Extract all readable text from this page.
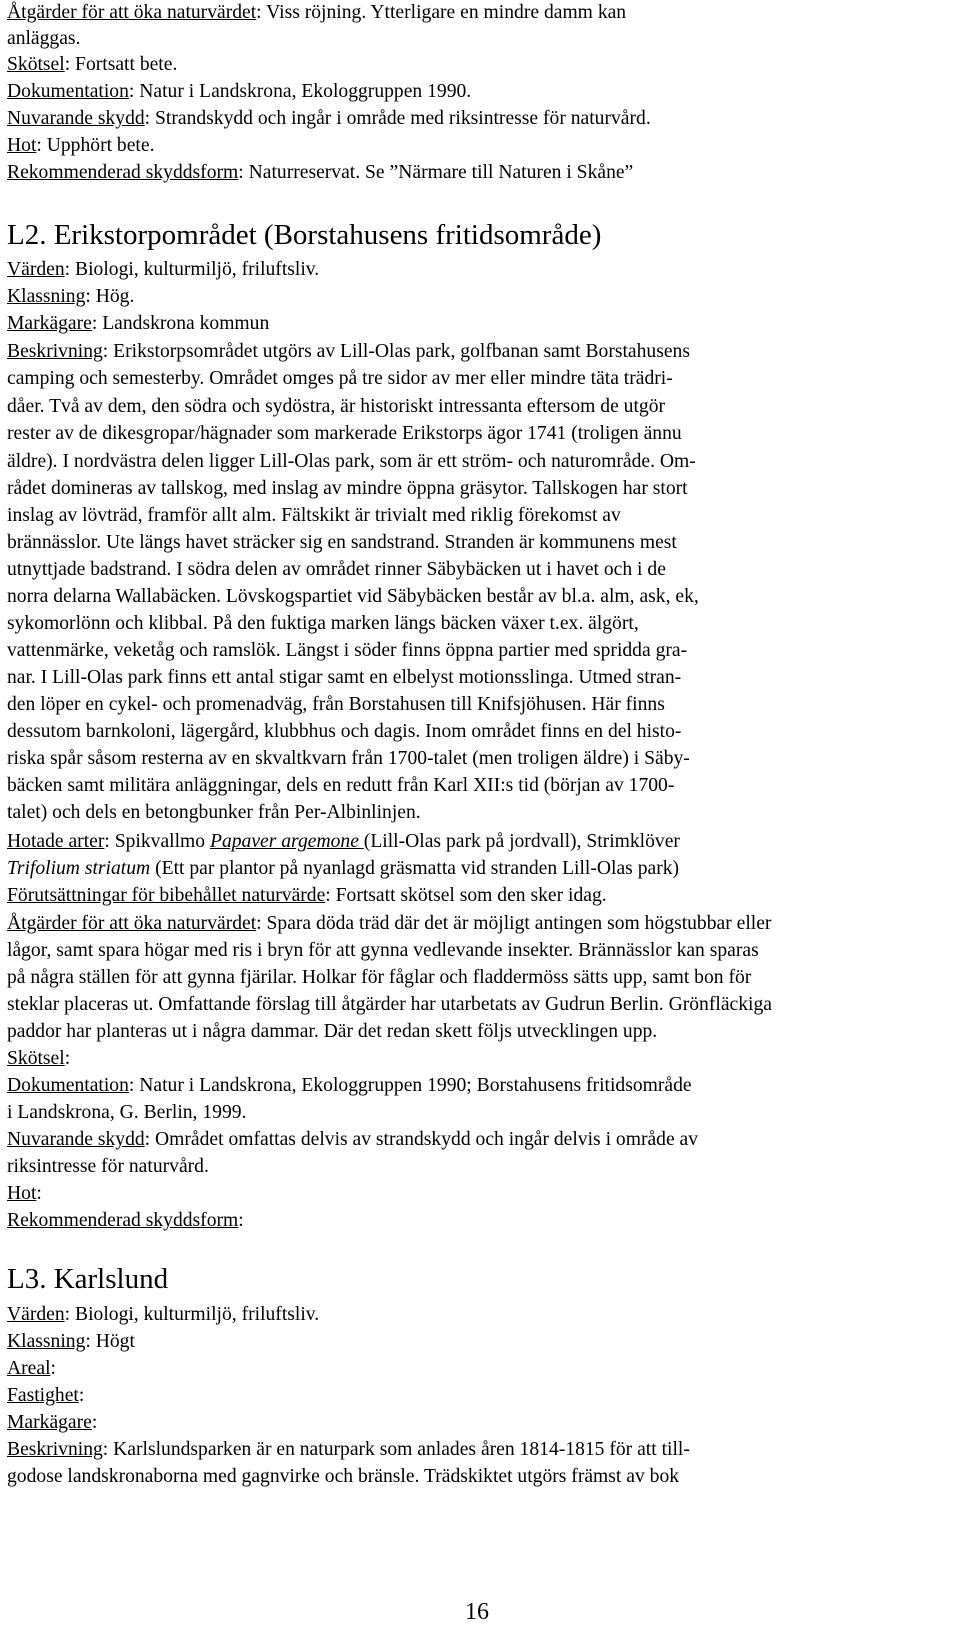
Åtgärder för att öka naturvärdet: Viss röjning. Ytterligare en mindre damm kan
anläggas.
Skötsel: Fortsatt bete.
Dokumentation: Natur i Landskrona, Ekologgruppen 1990.
Nuvarande skydd: Strandskydd och ingår i område med riksintresse för naturvård.
Hot: Upphört bete.
Rekommenderad skyddsform: Naturreservat. Se ”Närmare till Naturen i Skåne”
L2. Erikstorpområdet (Borstahusens fritidsområde)
Värden: Biologi, kulturmiljö, friluftsliv.
Klassning: Hög.
Markägare: Landskrona kommun
Beskrivning: Erikstorpsområdet utgörs av Lill-Olas park, golfbanan samt Borstahusens
camping och semesterby. Området omges på tre sidor av mer eller mindre täta trädri-
dåer. Två av dem, den södra och sydöstra, är historiskt intressanta eftersom de utgör
rester av de dikesgropar/hägnader som markerade Erikstorps ägor 1741 (troligen ännu
äldre). I nordvästra delen ligger Lill-Olas park, som är ett ström- och naturområde. Om-
rådet domineras av tallskog, med inslag av mindre öppna gräsytor. Tallskogen har stort
inslag av lövträd, framför allt alm. Fältskikt är trivialt med riklig förekomst av
brännässlor. Ute längs havet sträcker sig en sandstrand. Stranden är kommunens mest
utnyttjade badstrand. I södra delen av området rinner Säbybäcken ut i havet och i de
norra delarna Wallabäcken. Lövskogspartiet vid Säbybäcken består av bl.a. alm, ask, ek,
sykomorlönn och klibbal. På den fuktiga marken längs bäcken växer t.ex. älgört,
vattenmärke, veketåg och ramslök. Längst i söder finns öppna partier med spridda gra-
nar. I Lill-Olas park finns ett antal stigar samt en elbelyst motionsslinga. Utmed stran-
den löper en cykel- och promenadväg, från Borstahusen till Knifsjöhusen. Här finns
dessutom barnkoloni, lägergård, klubbhus och dagis. Inom området finns en del histo-
riska spår såsom resterna av en skvaltkvarn från 1700-talet (men troligen äldre) i Säby-
bäcken samt militära anläggningar, dels en redutt från Karl XII:s tid (början av 1700-
talet) och dels en betongbunker från Per-Albinlinjen.
Hotade arter: Spikvallmo Papaver argemone (Lill-Olas park på jordvall), Strimklöver
Trifolium striatum (Ett par plantor på nyanlagd gräsmatta vid stranden Lill-Olas park)
Förutsättningar för bibehållet naturvärde: Fortsatt skötsel som den sker idag.
Åtgärder för att öka naturvärdet: Spara döda träd där det är möjligt antingen som högstubbar eller
lågor, samt spara högar med ris i bryn för att gynna vedlevande insekter. Brännässlor kan sparas
på några ställen för att gynna fjärilar. Holkar för fåglar och fladdermöss sätts upp, samt bon för
steklar placeras ut. Omfattande förslag till åtgärder har utarbetats av Gudrun Berlin. Grönfläckiga
paddor har planteras ut i några dammar. Där det redan skett följs utvecklingen upp.
Skötsel:
Dokumentation: Natur i Landskrona, Ekologgruppen 1990; Borstahusens fritidsområde
i Landskrona, G. Berlin, 1999.
Nuvarande skydd: Området omfattas delvis av strandskydd och ingår delvis i område av
riksintresse för naturvård.
Hot:
Rekommenderad skyddsform:
L3. Karlslund
Värden: Biologi, kulturmiljö, friluftsliv.
Klassning: Högt
Areal:
Fastighet:
Markägare:
Beskrivning: Karlslundsparken är en naturpark som anlades åren 1814-1815 för att till-
godose landskronaborna med gagnvirke och bränsle. Trädskiktet utgörs främst av bok
16
